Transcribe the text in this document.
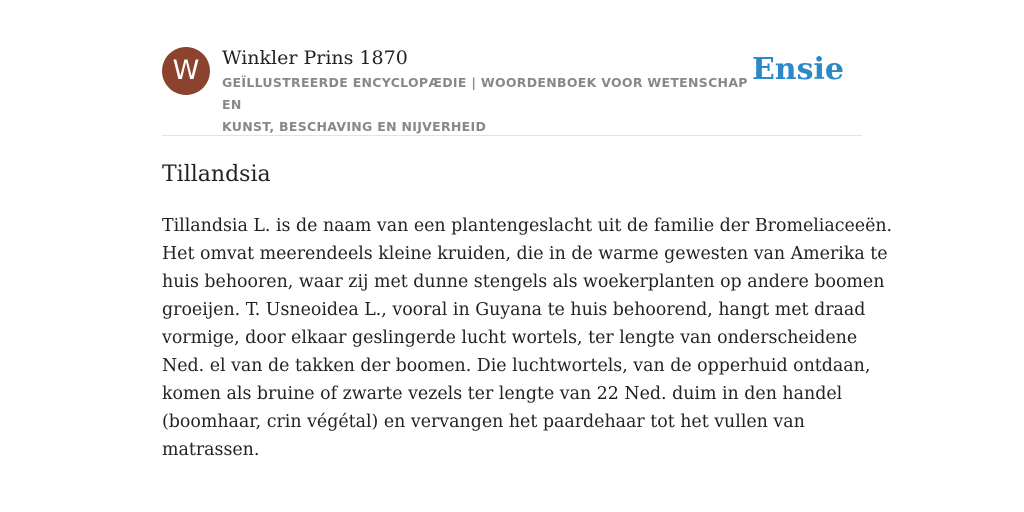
W	Winkler Prins 1870
GEÏLLUSTREERDE ENCYCLOPÆDIE | WOORDENBOEK VOOR WETENSCHAP EN
KUNST, BESCHAVING EN NIJVERHEID
Ensie
Tillandsia
Tillandsia L. is de naam van een plantengeslacht uit de familie der Bromeliaceeën.
Het omvat meerendeels kleine kruiden, die in de warme gewesten van Amerika te
huis behooren, waar zij met dunne stengels als woekerplanten op andere boomen
groeijen. T. Usneoidea L., vooral in Guyana te huis behoorend, hangt met draad
vormige, door elkaar geslingerde lucht wortels, ter lengte van onderscheidene
Ned. el van de takken der boomen. Die luchtwortels, van de opperhuid ontdaan,
komen als bruine of zwarte vezels ter lengte van 22 Ned. duim in den handel
(boomhaar, crin végétal) en vervangen het paardehaar tot het vullen van
matrassen.
